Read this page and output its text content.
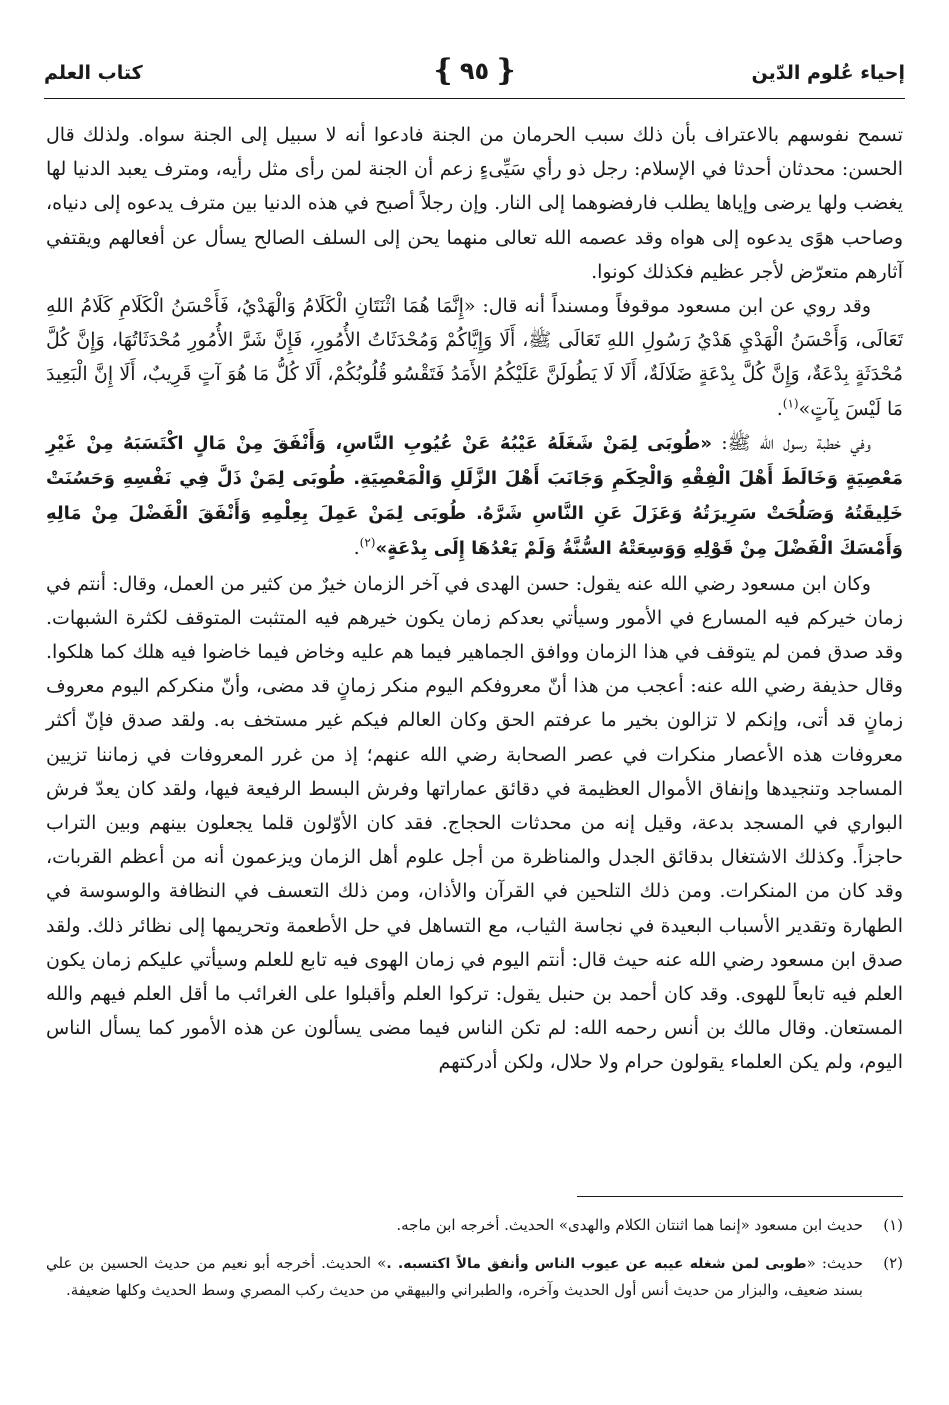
إحياء عُلوم الدّين
❴ ٩٥ ❵
كتاب العلم

تسمح نفوسهم بالاعتراف بأن ذلك سبب الحرمان من الجنة فادعوا أنه لا سبيل إلى الجنة سواه. ولذلك قال الحسن: محدثان أحدثا في الإسلام: رجل ذو رأي سَيِّىءٍ زعم أن الجنة لمن رأى مثل رأيه، ومترف يعبد الدنيا لها يغضب ولها يرضى وإياها يطلب فارفضوهما إلى النار. وإن رجلاً أصبح في هذه الدنيا بين مترف يدعوه إلى دنياه، وصاحب هوًى يدعوه إلى هواه وقد عصمه الله تعالى منهما يحن إلى السلف الصالح يسأل عن أفعالهم ويقتفي آثارهم متعرّض لأجر عظيم فكذلك كونوا.

وقد روي عن ابن مسعود موقوفاً ومسنداً أنه قال: «إِنَّمَا هُمَا اثْنَتَانِ الْكَلَامُ وَالْهَدْيُ، فَأَحْسَنُ الْكَلَامِ كَلَامُ اللهِ تَعَالَى، وَأَحْسَنُ الْهَدْيِ هَدْيُ رَسُولِ اللهِ تَعَالَى ﷺ، أَلَا وَإِيَّاكُمْ وَمُحْدَثَاتُ الأُمُورِ، فَإِنَّ شَرَّ الأُمُورِ مُحْدَثَاتُهَا، وَإِنَّ كُلَّ مُحْدَثَةٍ بِدْعَةٌ، وَإِنَّ كُلَّ بِدْعَةٍ ضَلَالَةٌ، أَلَا لَا يَطُولَنَّ عَلَيْكُمُ الأَمَدُ فَتَقْسُو قُلُوبُكُمْ، أَلَا كُلُّ مَا هُوَ آتٍ قَرِيبٌ، أَلَا إِنَّ الْبَعِيدَ مَا لَيْسَ بِآتٍ»$^{(١)}$.

وفي خطبة رسول الله ﷺ: «طُوبَى لِمَنْ شَغَلَهُ عَيْبُهُ عَنْ عُيُوبِ النَّاسِ، وَأَنْفَقَ مِنْ مَالٍ اكْتَسَبَهُ مِنْ غَيْرِ مَعْصِيَةٍ وَخَالَطَ أَهْلَ الْفِقْهِ وَالْحِكَمِ وَجَانَبَ أَهْلَ الزَّلَلِ وَالْمَعْصِيَةِ. طُوبَى لِمَنْ ذَلَّ فِي نَفْسِهِ وَحَسُنَتْ خَلِيقَتُهُ وَصَلُحَتْ سَرِيرَتُهُ وَعَزَلَ عَنِ النَّاسِ شَرَّهُ. طُوبَى لِمَنْ عَمِلَ بِعِلْمِهِ وَأَنْفَقَ الْفَضْلَ مِنْ مَالِهِ وَأَمْسَكَ الْفَضْلَ مِنْ قَوْلِهِ وَوَسِعَتْهُ السُّنَّةُ وَلَمْ يَعْدُهَا إِلَى بِدْعَةٍ»$^{(٢)}$.

وكان ابن مسعود رضي الله عنه يقول: حسن الهدى في آخر الزمان خيرٌ من كثير من العمل، وقال: أنتم في زمان خيركم فيه المسارع في الأمور وسيأتي بعدكم زمان يكون خيرهم فيه المتثبت المتوقف لكثرة الشبهات. وقد صدق فمن لم يتوقف في هذا الزمان ووافق الجماهير فيما هم عليه وخاض فيما خاضوا فيه هلك كما هلكوا. وقال حذيفة رضي الله عنه: أعجب من هذا أنّ معروفكم اليوم منكر زمانٍ قد مضى، وأنّ منكركم اليوم معروف زمانٍ قد أتى، وإنكم لا تزالون بخير ما عرفتم الحق وكان العالم فيكم غير مستخف به. ولقد صدق فإنّ أكثر معروفات هذه الأعصار منكرات في عصر الصحابة رضي الله عنهم؛ إذ من غرر المعروفات في زماننا تزيين المساجد وتنجيدها وإنفاق الأموال العظيمة في دقائق عماراتها وفرش البسط الرفيعة فيها، ولقد كان يعدّ فرش البواري في المسجد بدعة، وقيل إنه من محدثات الحجاج. فقد كان الأوّلون قلما يجعلون بينهم وبين التراب حاجزاً. وكذلك الاشتغال بدقائق الجدل والمناظرة من أجل علوم أهل الزمان ويزعمون أنه من أعظم القربات، وقد كان من المنكرات. ومن ذلك التلحين في القرآن والأذان، ومن ذلك التعسف في النظافة والوسوسة في الطهارة وتقدير الأسباب البعيدة في نجاسة الثياب، مع التساهل في حل الأطعمة وتحريمها إلى نظائر ذلك. ولقد صدق ابن مسعود رضي الله عنه حيث قال: أنتم اليوم في زمان الهوى فيه تابع للعلم وسيأتي عليكم زمان يكون العلم فيه تابعاً للهوى. وقد كان أحمد بن حنبل يقول: تركوا العلم وأقبلوا على الغرائب ما أقل العلم فيهم والله المستعان. وقال مالك بن أنس رحمه الله: لم تكن الناس فيما مضى يسألون عن هذه الأمور كما يسأل الناس اليوم، ولم يكن العلماء يقولون حرام ولا حلال، ولكن أدركتهم

(١)
حديث ابن مسعود «إنما هما اثنتان الكلام والهدى» الحديث. أخرجه ابن ماجه.
(٢)
حديث: «طوبى لمن شغله عيبه عن عيوب الناس وأنفق مالاً اكتسبه. .» الحديث. أخرجه أبو نعيم من حديث الحسين بن علي بسند ضعيف، والبزار من حديث أنس أول الحديث وآخره، والطبراني والبيهقي من حديث ركب المصري وسط الحديث وكلها ضعيفة.
